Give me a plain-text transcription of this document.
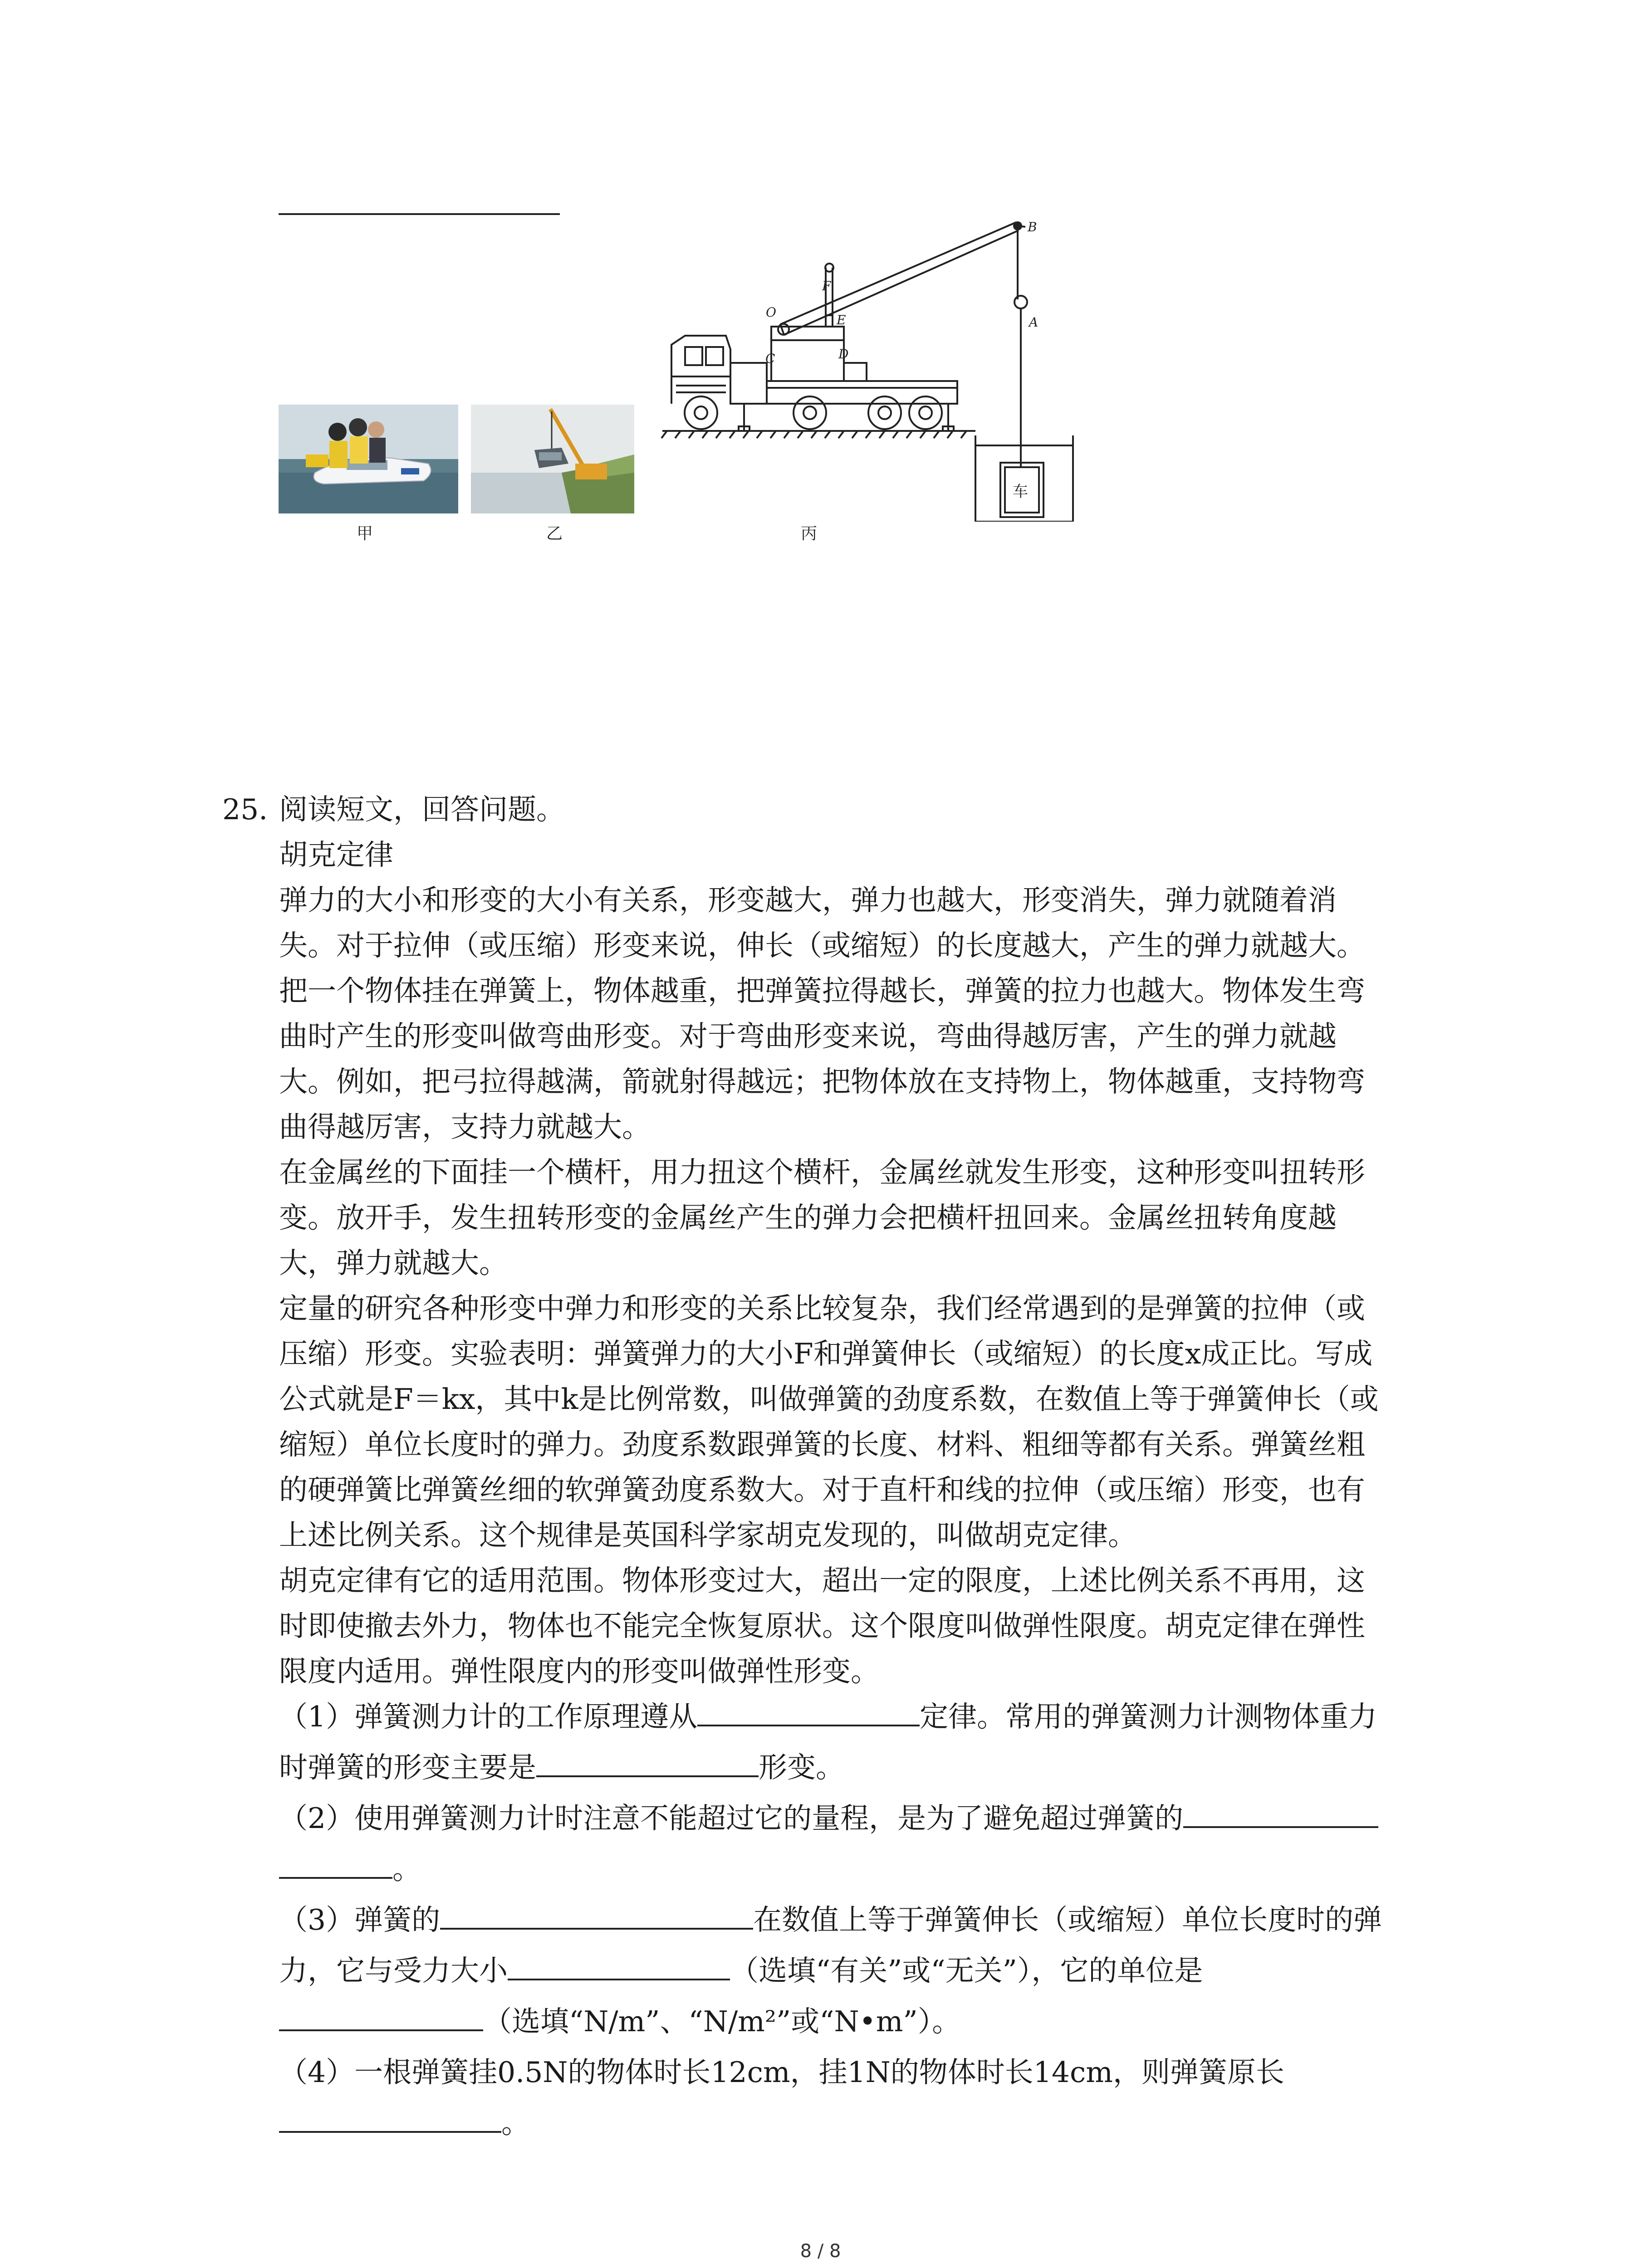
甲	乙
B
F
E	A
C	D
O
车
丙
25. 阅读短文，回答问题。
胡克定律
弹力的大小和形变的大小有关系，形变越大，弹力也越大，形变消失，弹力就随着消
失。对于拉伸（或压缩）形变来说，伸长（或缩短）的长度越大，产生的弹力就越大。
把一个物体挂在弹簧上，物体越重，把弹簧拉得越长，弹簧的拉力也越大。物体发生弯
曲时产生的形变叫做弯曲形变。对于弯曲形变来说，弯曲得越厉害，产生的弹力就越
大。例如，把弓拉得越满，箭就射得越远；把物体放在支持物上，物体越重，支持物弯
曲得越厉害，支持力就越大。
在金属丝的下面挂一个横杆，用力扭这个横杆，金属丝就发生形变，这种形变叫扭转形
变。放开手，发生扭转形变的金属丝产生的弹力会把横杆扭回来。金属丝扭转角度越
大，弹力就越大。
定量的研究各种形变中弹力和形变的关系比较复杂，我们经常遇到的是弹簧的拉伸（或
压缩）形变。实验表明：弹簧弹力的大小F和弹簧伸长（或缩短）的长度x成正比。写成
公式就是F＝kx，其中k是比例常数，叫做弹簧的劲度系数，在数值上等于弹簧伸长（或
缩短）单位长度时的弹力。劲度系数跟弹簧的长度、材料、粗细等都有关系。弹簧丝粗
的硬弹簧比弹簧丝细的软弹簧劲度系数大。对于直杆和线的拉伸（或压缩）形变，也有
上述比例关系。这个规律是英国科学家胡克发现的，叫做胡克定律。
胡克定律有它的适用范围。物体形变过大，超出一定的限度，上述比例关系不再用，这
时即使撤去外力，物体也不能完全恢复原状。这个限度叫做弹性限度。胡克定律在弹性
限度内适用。弹性限度内的形变叫做弹性形变。
（1）弹簧测力计的工作原理遵从	定律。常用的弹簧测力计测物体重力
时弹簧的形变主要是	形变。
（2）使用弹簧测力计时注意不能超过它的量程，是为了避免超过弹簧的
。
（3）弹簧的	在数值上等于弹簧伸长（或缩短）单位长度时的弹
力，它与受力大小	（选填“有关”或“无关”），它的单位是
（选填“N/m”、“N/m²”或“N•m”）。
（4）一根弹簧挂0.5N的物体时长12cm，挂1N的物体时长14cm，则弹簧原长
。
8 / 8
